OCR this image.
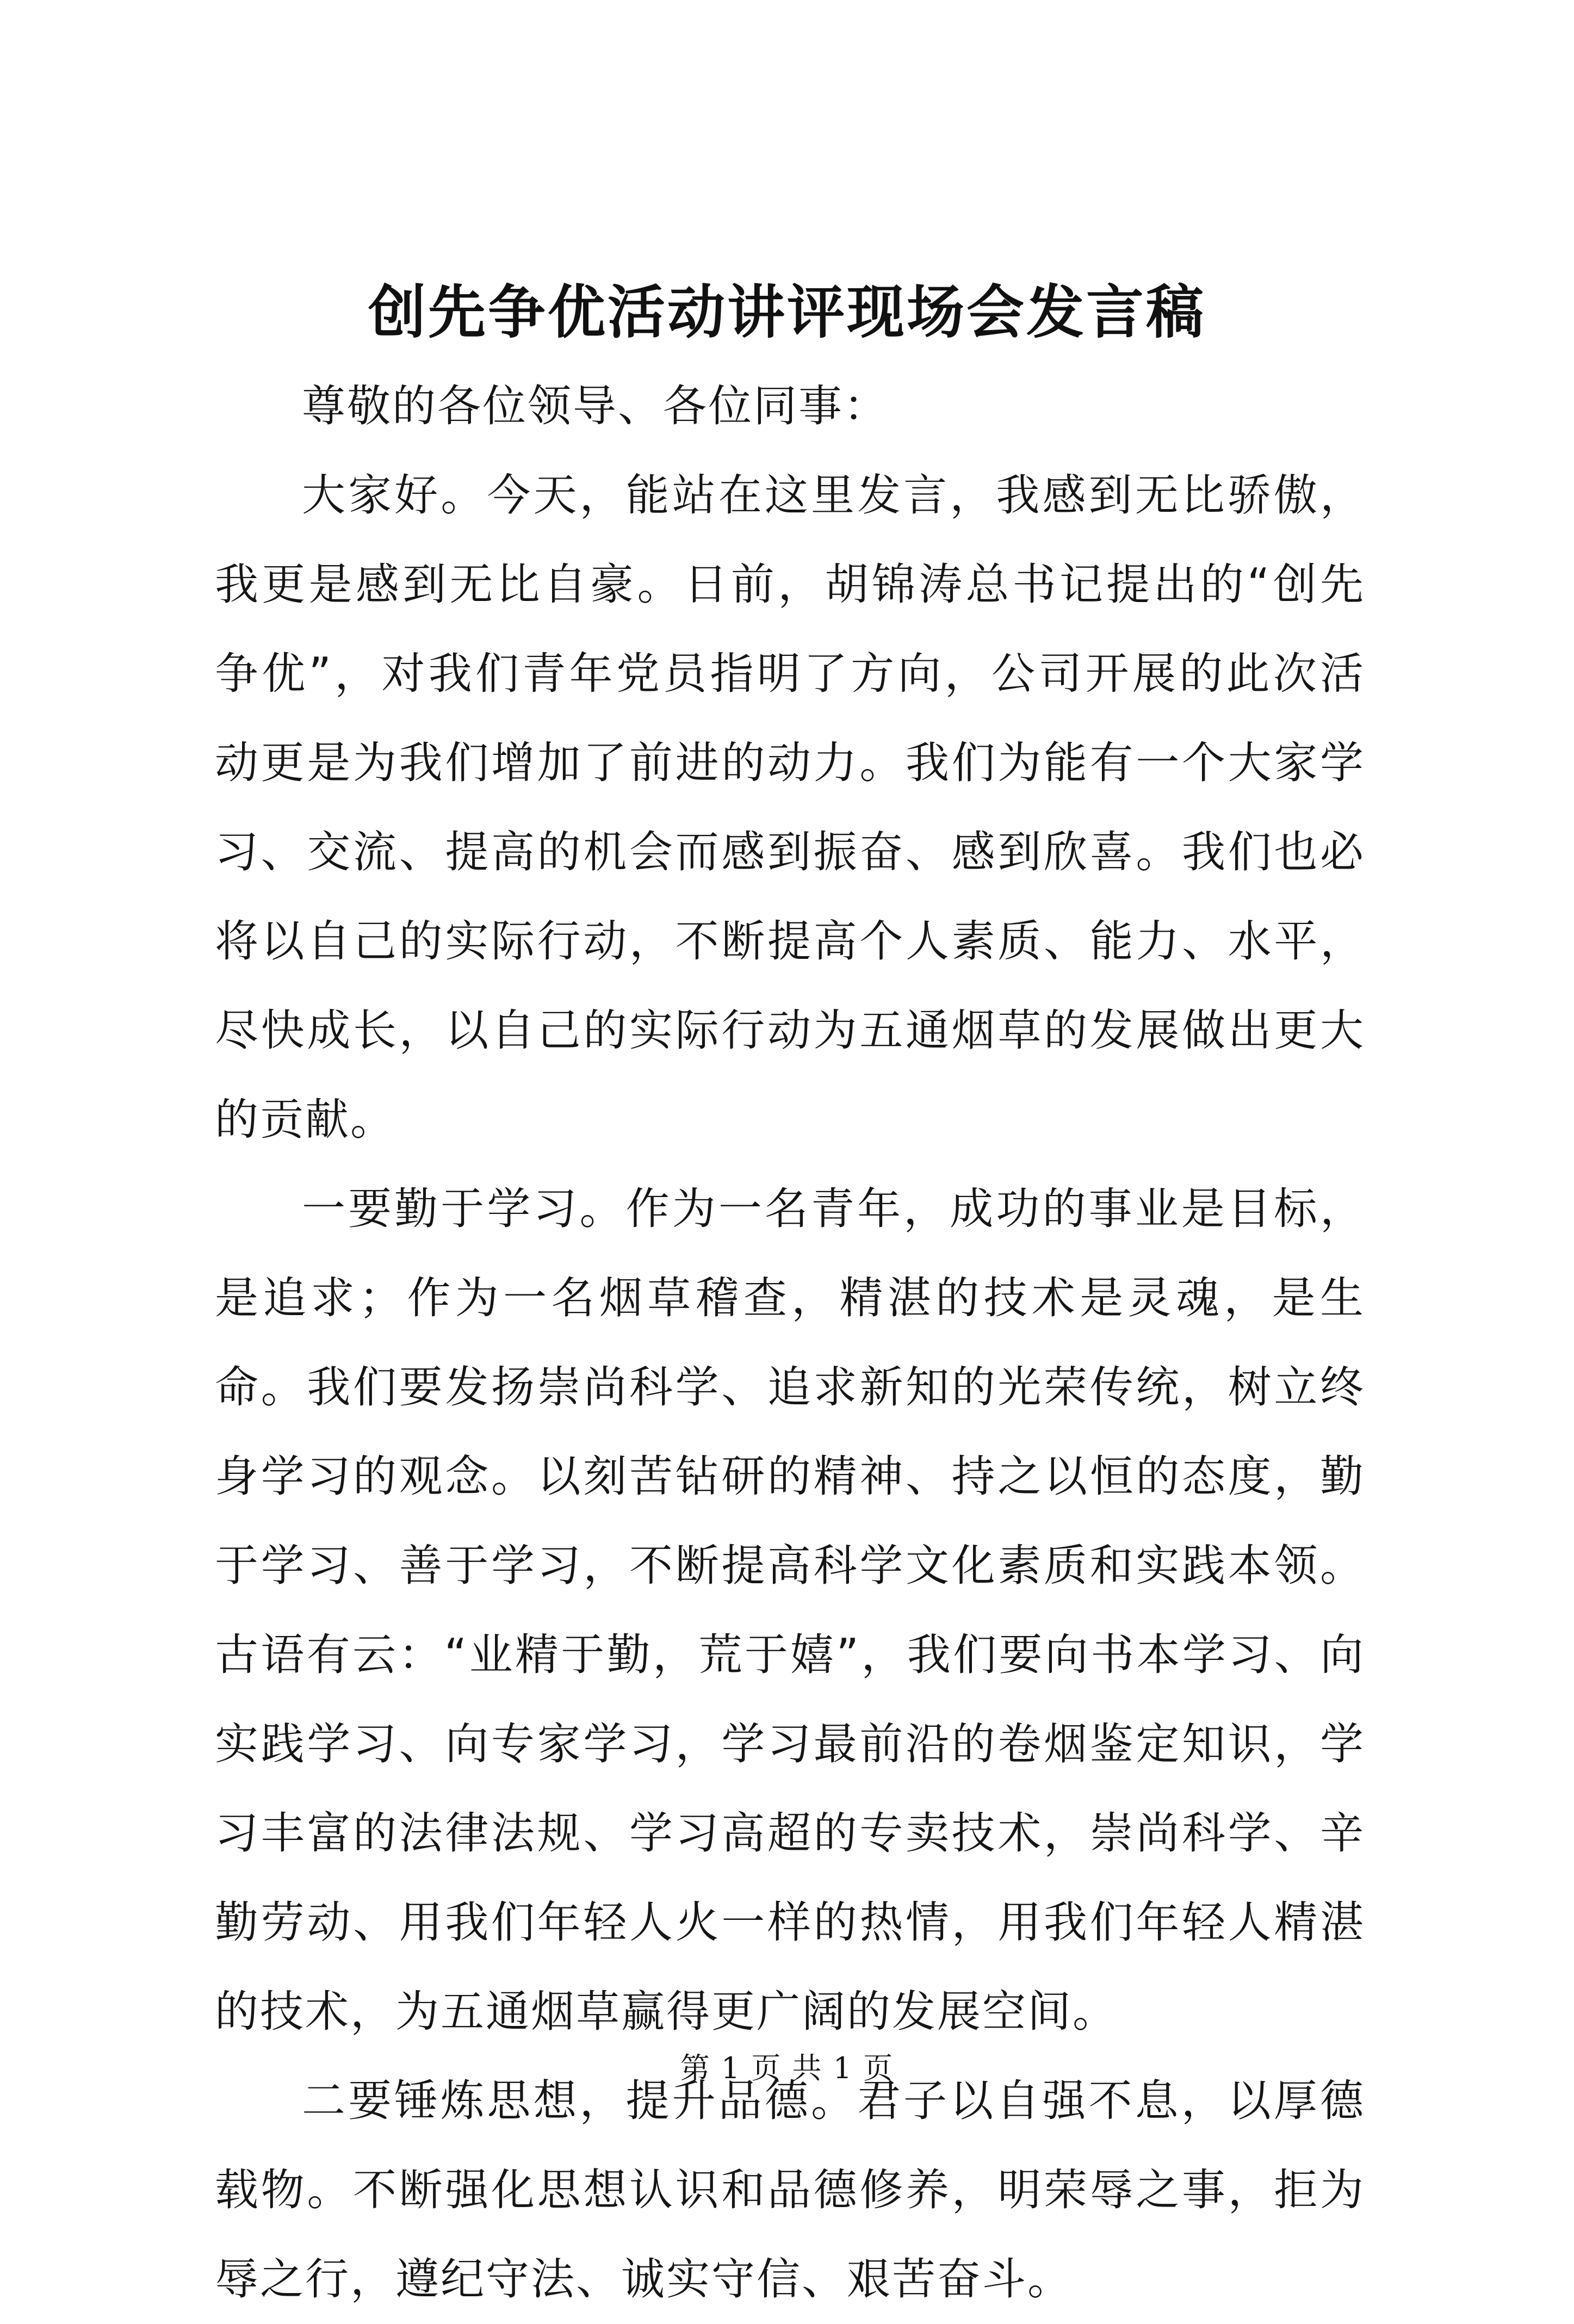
创先争优活动讲评现场会发言稿

尊敬的各位领导、各位同事：

大家好。今天，能站在这里发言，我感到无比骄傲，我更是感到无比自豪。日前，胡锦涛总书记提出的“创先争优”，对我们青年党员指明了方向，公司开展的此次活动更是为我们增加了前进的动力。我们为能有一个大家学习、交流、提高的机会而感到振奋、感到欣喜。我们也必将以自己的实际行动，不断提高个人素质、能力、水平，尽快成长，以自己的实际行动为五通烟草的发展做出更大的贡献。

一要勤于学习。作为一名青年，成功的事业是目标，是追求；作为一名烟草稽查，精湛的技术是灵魂，是生命。我们要发扬崇尚科学、追求新知的光荣传统，树立终身学习的观念。以刻苦钻研的精神、持之以恒的态度，勤于学习、善于学习，不断提高科学文化素质和实践本领。古语有云：“业精于勤，荒于嬉”，我们要向书本学习、向实践学习、向专家学习，学习最前沿的卷烟鉴定知识，学习丰富的法律法规、学习高超的专卖技术，崇尚科学、辛勤劳动、用我们年轻人火一样的热情，用我们年轻人精湛的技术，为五通烟草赢得更广阔的发展空间。

二要锤炼思想，提升品德。君子以自强不息，以厚德载物。不断强化思想认识和品德修养，明荣辱之事，拒为辱之行，遵纪守法、诚实守信、艰苦奋斗。

第 1 页 共 1 页
